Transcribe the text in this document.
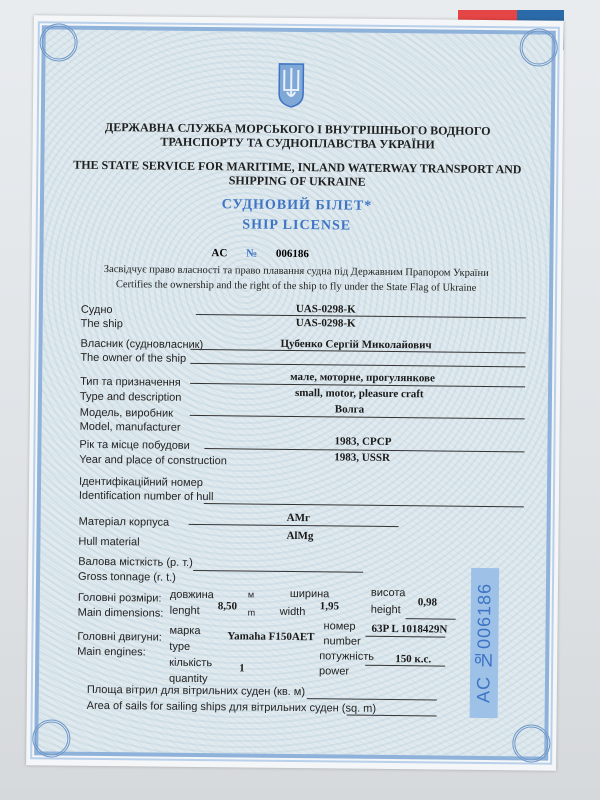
ДЕРЖАВНА СЛУЖБА МОРСЬКОГО І ВНУТРІШНЬОГО ВОДНОГО ТРАНСПОРТУ ТА СУДНОПЛАВСТВА УКРАЇНИ
THE STATE SERVICE FOR MARITIME, INLAND WATERWAY TRANSPORT AND SHIPPING OF UKRAINE
СУДНОВИЙ БІЛЕТ*
SHIP LICENSE
AC № 006186
Засвідчує право власності та право плавання судна під Державним Прапором України
Certifies the ownership and the right of the ship to fly under the State Flag of Ukraine
Судно
The ship
UAS-0298-K
UAS-0298-K
Власник (судновласник)
The owner of the ship
Цубенко Сергій Миколайович
Тип та призначення
Type and description
мале, моторне, прогулянкове
small, motor, pleasure craft
Модель, виробник
Model, manufacturer
Волга
Рік та місце побудови
Year and place of construction
1983, СРСР
1983, USSR
Ідентифікаційний номер
Identification number of hull
Матеріал корпуса
Hull material
АМг
AlMg
Валова місткість (р. т.)
Gross tonnage (r. t.)
Головні розміри:
Main dimensions:
довжина
lenght 8,50
м
m
ширина
width 1,95
висота
height
0,98
Головні двигуни:
Main engines:
марка
type
Yamaha F150AET
номер
number
63P L 1018429N
кількість
quantity
1
потужність
power
150 к.с.
Площа вітрил для вітрильних суден (кв. м)
Area of sails for sailing ships для вітрильних суден (sq. m)
AC №006186
